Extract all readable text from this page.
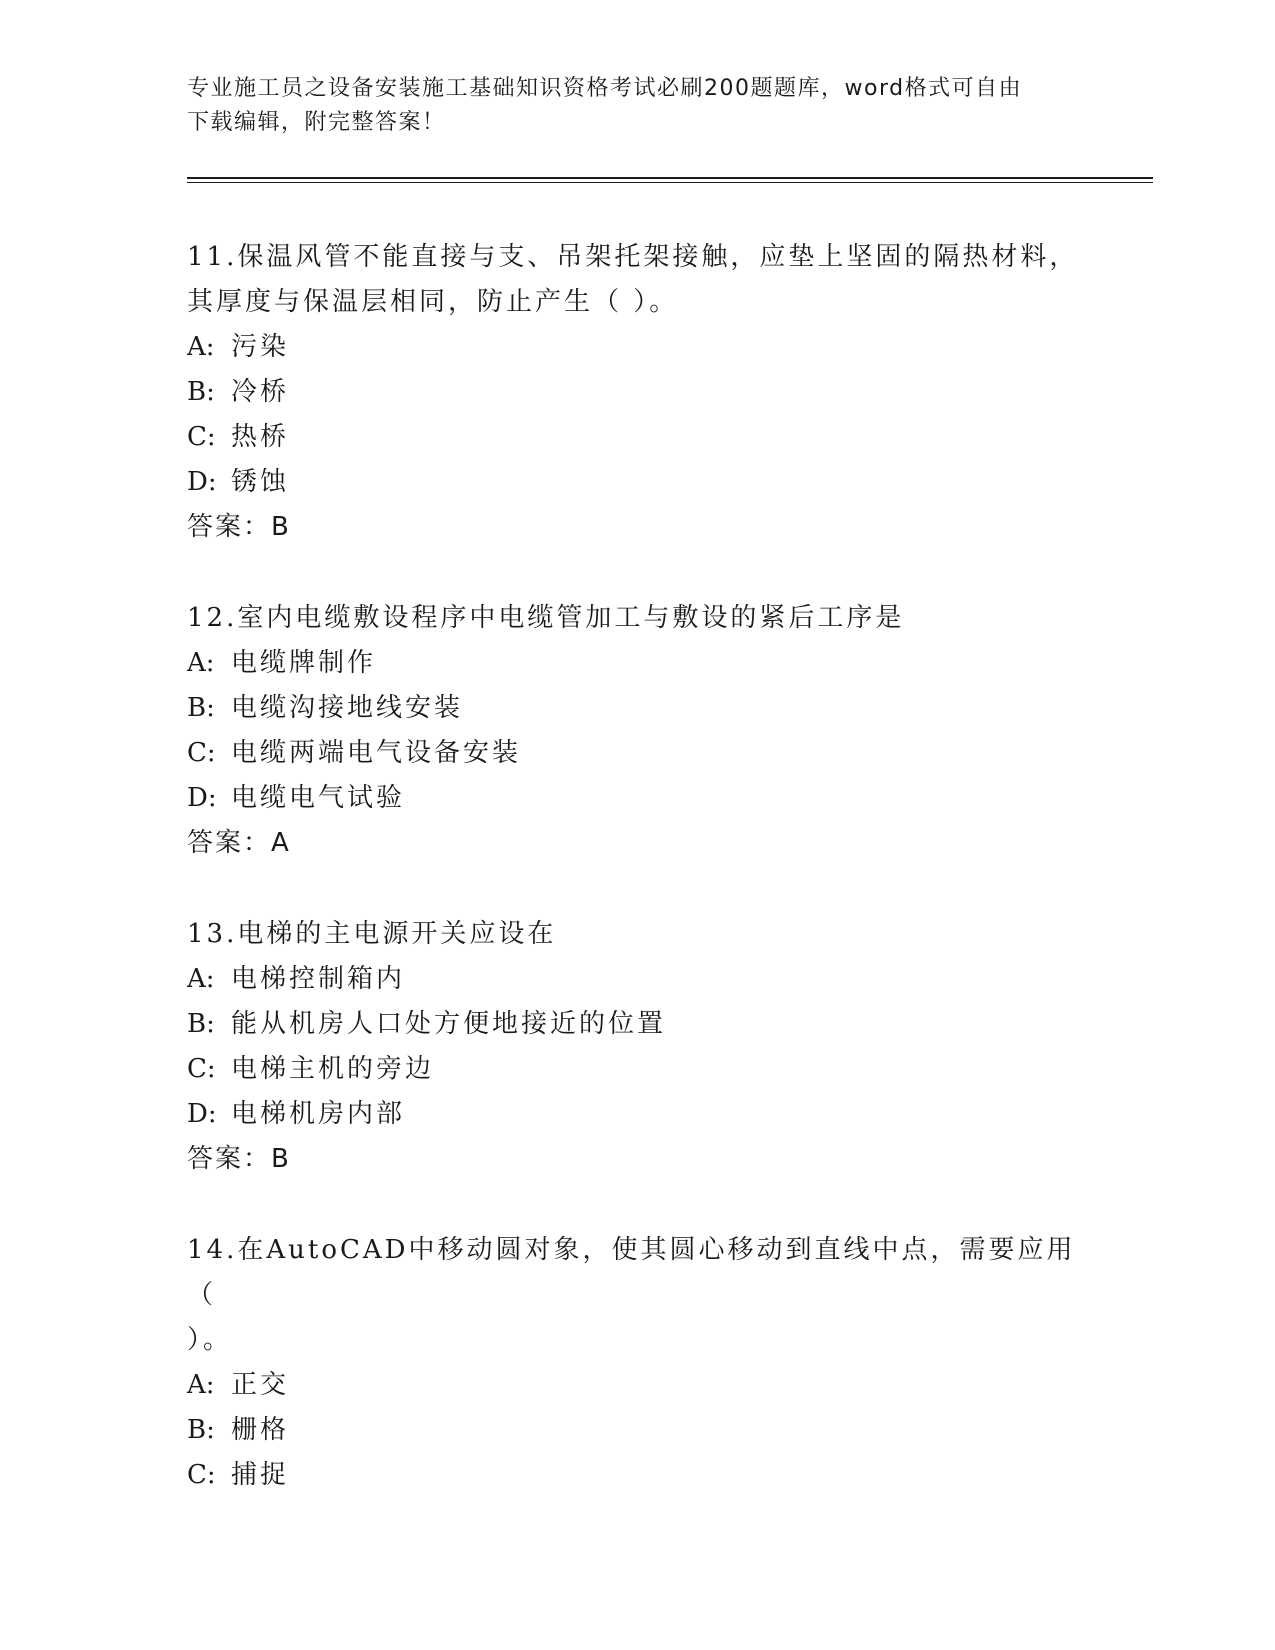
专业施工员之设备安装施工基础知识资格考试必刷200题题库，word格式可自由
下载编辑，附完整答案！

11.保温风管不能直接与支、吊架托架接触，应垫上坚固的隔热材料，

其厚度与保温层相同，防止产生（ ）。

A: 污染

B: 冷桥

C: 热桥

D: 锈蚀

答案：B

12.室内电缆敷设程序中电缆管加工与敷设的紧后工序是

A: 电缆牌制作

B: 电缆沟接地线安装

C: 电缆两端电气设备安装

D: 电缆电气试验

答案：A

13.电梯的主电源开关应设在

A: 电梯控制箱内

B: 能从机房人口处方便地接近的位置

C: 电梯主机的旁边

D: 电梯机房内部

答案：B

14.在AutoCAD中移动圆对象，使其圆心移动到直线中点，需要应用（

）。

A: 正交

B: 栅格

C: 捕捉
